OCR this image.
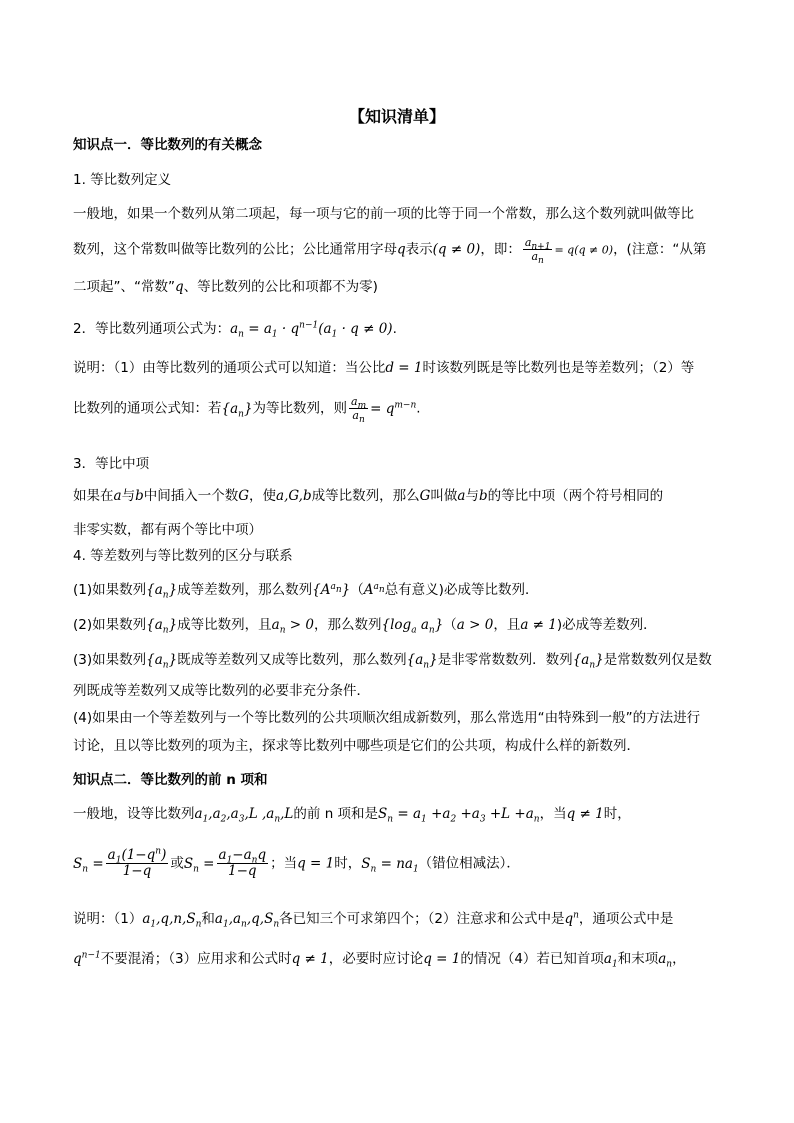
【知识清单】
知识点一．等比数列的有关概念
1. 等比数列定义
一般地，如果一个数列从第二项起，每一项与它的前一项的比等于同一个常数，那么这个数列就叫做等比
数列，这个常数叫做等比数列的公比；公比通常用字母q表示(q ≠ 0)，即： $\frac{a_{n+1}}{a_n} = q(q \ne 0)$，(注意：“从第
二项起”、“常数”q、等比数列的公比和项都不为零)
2．等比数列通项公式为：$a_n = a_1 \cdot q^{n-1}(a_1 \cdot q \ne 0)$.
说明：（1）由等比数列的通项公式可以知道：当公比d = 1时该数列既是等比数列也是等差数列；（2）等
比数列的通项公式知：若$\{a_n\}$为等比数列，则 $\frac{a_m}{a_n} = q^{m-n}$.
3．等比中项
如果在a与b中间插入一个数G，使a,G,b成等比数列，那么G叫做a与b的等比中项（两个符号相同的
非零实数，都有两个等比中项）
4. 等差数列与等比数列的区分与联系
(1)如果数列$\{a_n\}$成等差数列，那么数列$\{A^{a_n}\}(A^{a_n}$总有意义)必成等比数列．
(2)如果数列$\{a_n\}$成等比数列，且$a_n > 0$，那么数列{$\log_a$ $a_n\}(a > 0$，且a ≠ 1)必成等差数列．
(3)如果数列$\{a_n\}$既成等差数列又成等比数列，那么数列$\{a_n\}$是非零常数数列．数列$\{a_n\}$是常数数列仅是数
列既成等差数列又成等比数列的必要非充分条件．
(4)如果由一个等差数列与一个等比数列的公共项顺次组成新数列，那么常选用“由特殊到一般”的方法进行
讨论，且以等比数列的项为主，探求等比数列中哪些项是它们的公共项，构成什么样的新数列．
知识点二．等比数列的前 n 项和
一般地，设等比数列$a_1,a_2,a_3,L$ $,a_n,L$的前 n 项和是$S_n = a_1 +a_2 +a_3 +L +a_n$，当q ≠ 1时，
$S_n = \frac{a_1(1-q^n)}{1-q}$ 或$S_n = \frac{a_1-a_nq}{1-q}$ ；当q = 1时，$S_n = na_1$（错位相减法）．
说明：$(1)a_1,q,n,S_n$和$a_1,a_n,q,S_n$各已知三个可求第四个；（2）注意求和公式中是$q^n$，通项公式中是
$q^{n-1}$不要混淆；（3）应用求和公式时q ≠ 1，必要时应讨论q = 1的情况（4）若已知首项$a_1$和末项$a_n$，
